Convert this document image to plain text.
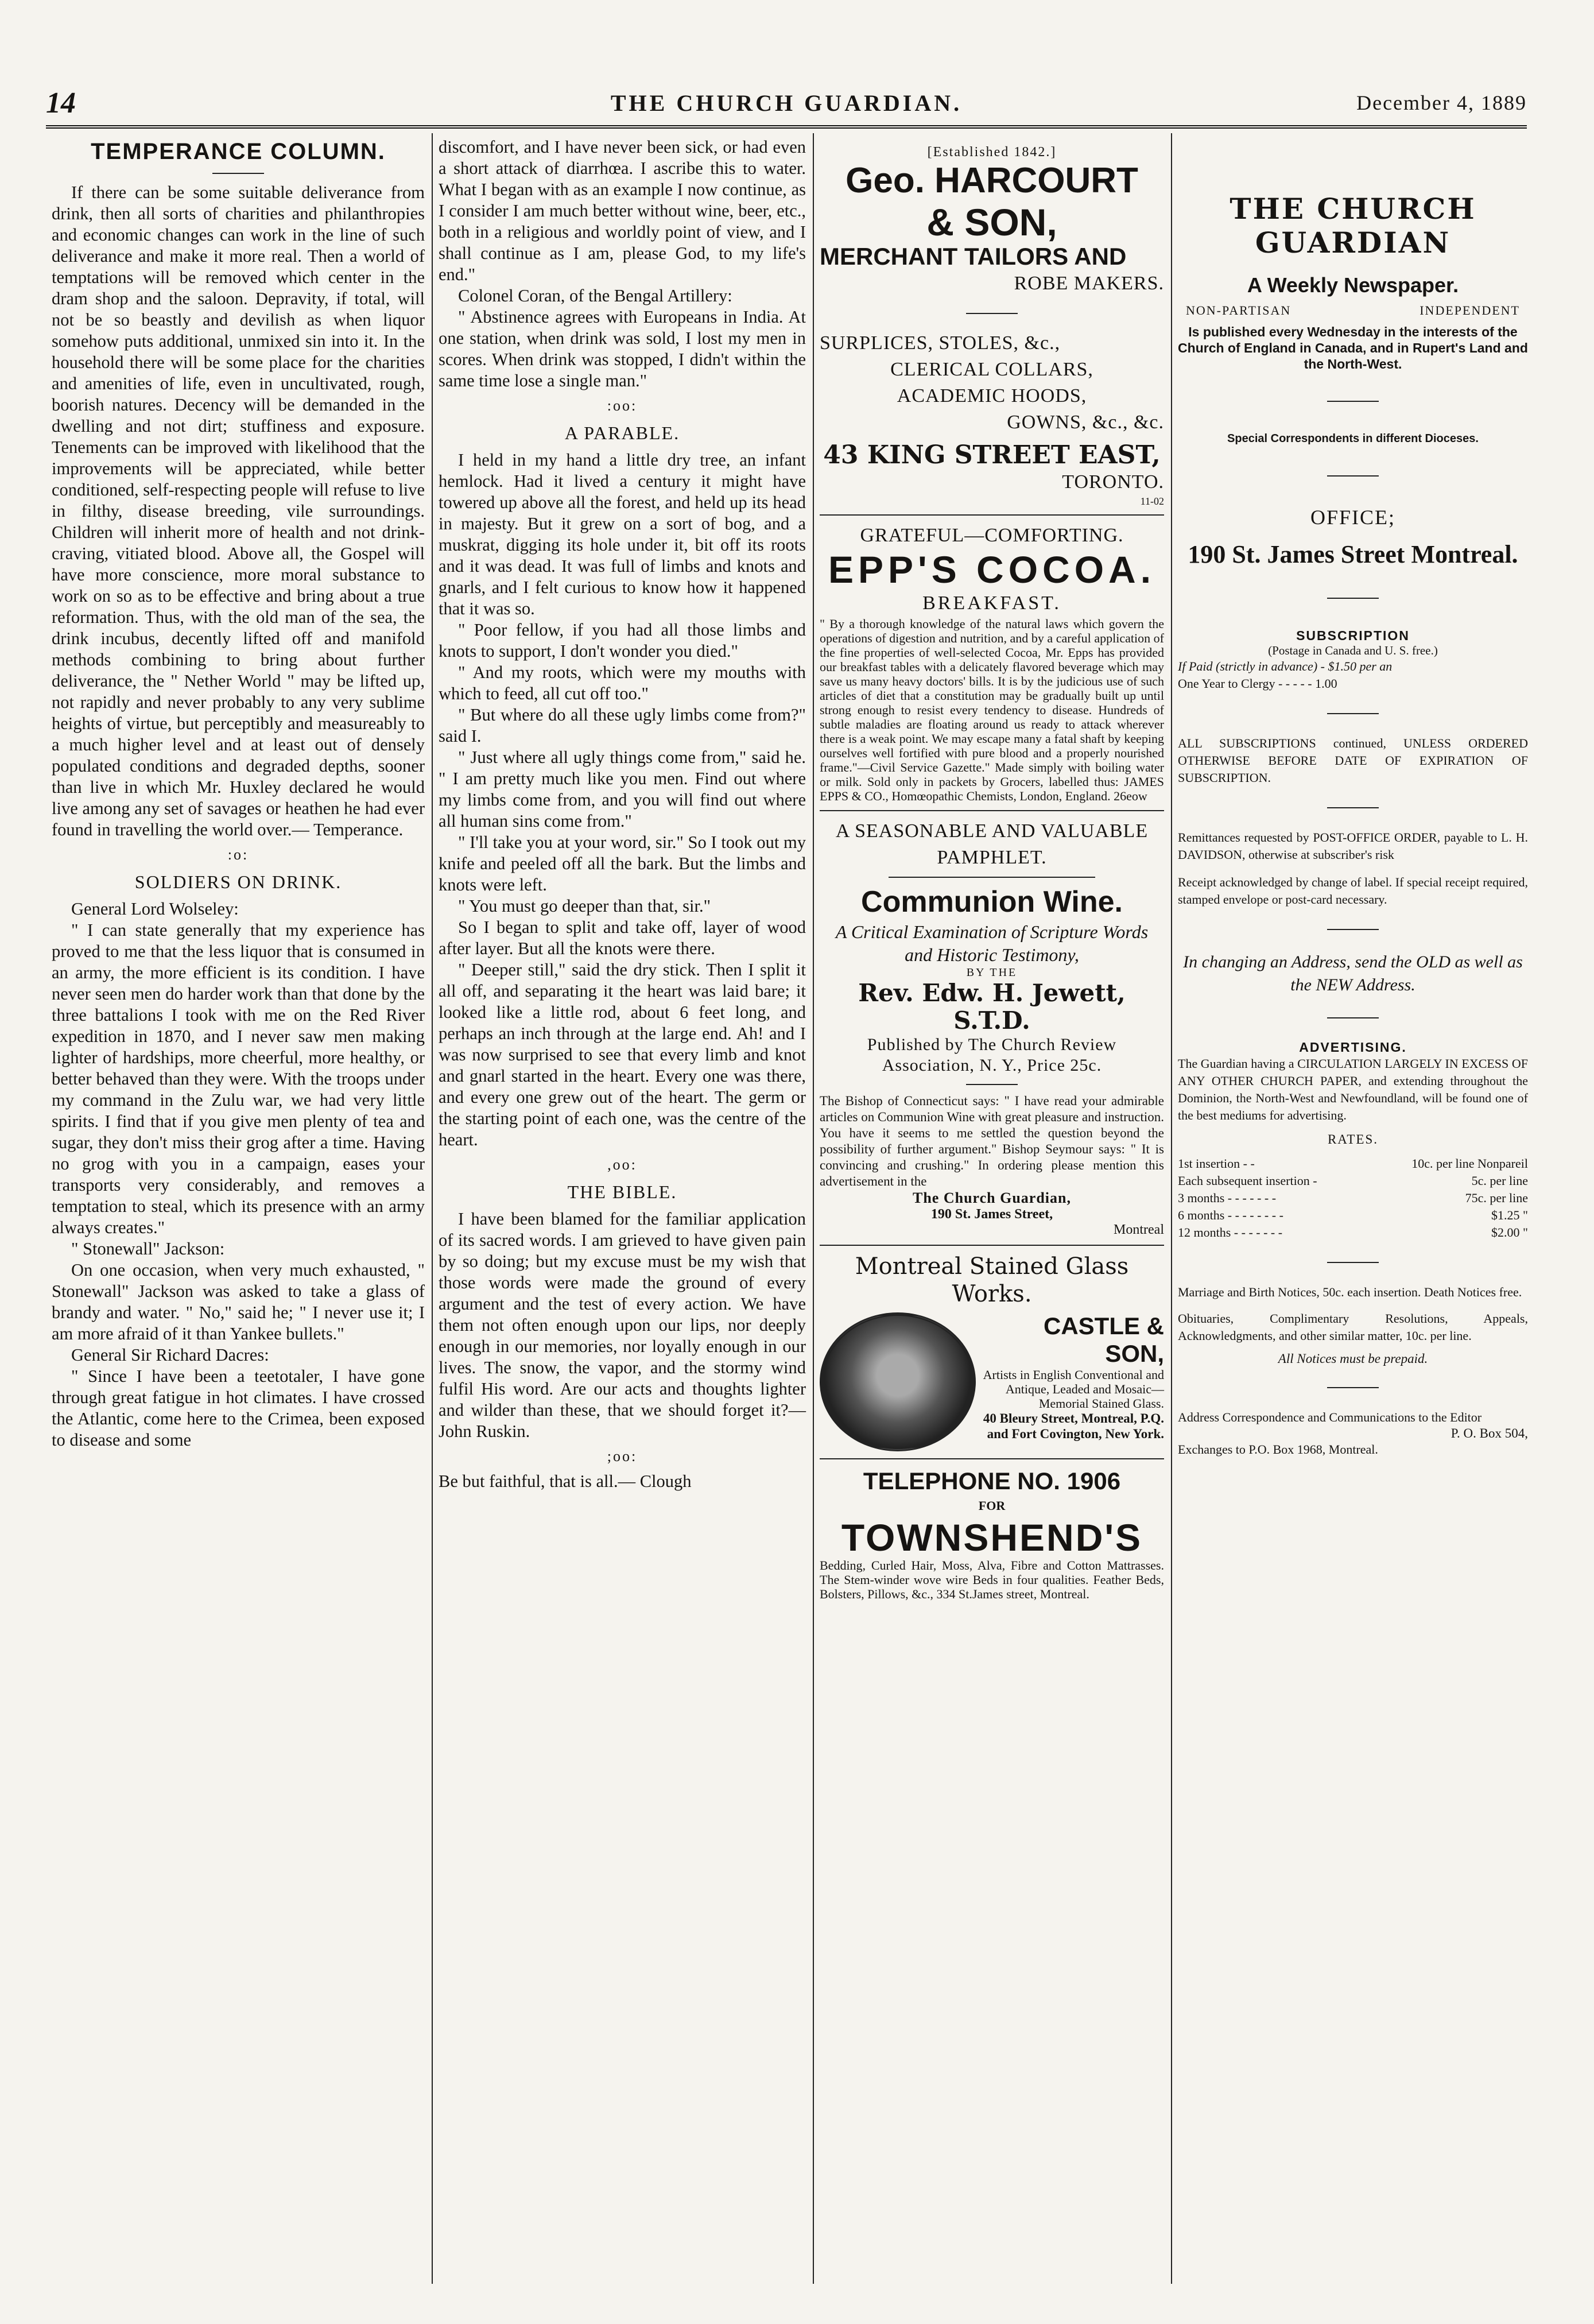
14	THE CHURCH GUARDIAN.	December 4, 1889
TEMPERANCE COLUMN.

If there can be some suitable deliverance from drink, then all sorts of charities and philanthropies and economic changes can work in the line of such deliverance and make it more real. Then a world of temptations will be removed which center in the dram shop and the saloon. Depravity, if total, will not be so beastly and devilish as when liquor somehow puts additional, unmixed sin into it. In the household there will be some place for the charities and amenities of life, even in uncultivated, rough, boorish natures. Decency will be demanded in the dwelling and not dirt; stuffiness and exposure. Tenements can be improved with likelihood that the improvements will be appreciated, while better conditioned, self-respecting people will refuse to live in filthy, disease breeding, vile surroundings. Children will inherit more of health and not drink-craving, vitiated blood. Above all, the Gospel will have more conscience, more moral substance to work on so as to be effective and bring about a true reformation. Thus, with the old man of the sea, the drink incubus, decently lifted off and manifold methods combining to bring about further deliverance, the " Nether World " may be lifted up, not rapidly and never probably to any very sublime heights of virtue, but perceptibly and measureably to a much higher level and at least out of densely populated conditions and degraded depths, sooner than live in which Mr. Huxley declared he would live among any set of savages or heathen he had ever found in travelling the world over.— Temperance.

:o:
SOLDIERS ON DRINK.

General Lord Wolseley:

" I can state generally that my experience has proved to me that the less liquor that is consumed in an army, the more efficient is its condition. I have never seen men do harder work than that done by the three battalions I took with me on the Red River expedition in 1870, and I never saw men making lighter of hardships, more cheerful, more healthy, or better behaved than they were. With the troops under my command in the Zulu war, we had very little spirits. I find that if you give men plenty of tea and sugar, they don't miss their grog after a time. Having no grog with you in a campaign, eases your transports very considerably, and removes a temptation to steal, which its presence with an army always creates."

" Stonewall" Jackson:

On one occasion, when very much exhausted, " Stonewall" Jackson was asked to take a glass of brandy and water. " No," said he; " I never use it; I am more afraid of it than Yankee bullets."

General Sir Richard Dacres:

" Since I have been a teetotaler, I have gone through great fatigue in hot climates. I have crossed the Atlantic, come here to the Crimea, been exposed to disease and some

discomfort, and I have never been sick, or had even a short attack of diarrhœa. I ascribe this to water. What I began with as an example I now continue, as I consider I am much better without wine, beer, etc., both in a religious and worldly point of view, and I shall continue as I am, please God, to my life's end."

Colonel Coran, of the Bengal Artillery:

" Abstinence agrees with Europeans in India. At one station, when drink was sold, I lost my men in scores. When drink was stopped, I didn't within the same time lose a single man."

:oo:
A PARABLE.

I held in my hand a little dry tree, an infant hemlock. Had it lived a century it might have towered up above all the forest, and held up its head in majesty. But it grew on a sort of bog, and a muskrat, digging its hole under it, bit off its roots and it was dead. It was full of limbs and knots and gnarls, and I felt curious to know how it happened that it was so.

" Poor fellow, if you had all those limbs and knots to support, I don't wonder you died."

" And my roots, which were my mouths with which to feed, all cut off too."

" But where do all these ugly limbs come from?" said I.

" Just where all ugly things come from," said he. " I am pretty much like you men. Find out where my limbs come from, and you will find out where all human sins come from."

" I'll take you at your word, sir." So I took out my knife and peeled off all the bark. But the limbs and knots were left.

" You must go deeper than that, sir."

So I began to split and take off, layer of wood after layer. But all the knots were there.

" Deeper still," said the dry stick. Then I split it all off, and separating it the heart was laid bare; it looked like a little rod, about 6 feet long, and perhaps an inch through at the large end. Ah! and I was now surprised to see that every limb and knot and gnarl started in the heart. Every one was there, and every one grew out of the heart. The germ or the starting point of each one, was the centre of the heart.

,oo:
THE BIBLE.

I have been blamed for the familiar application of its sacred words. I am grieved to have given pain by so doing; but my excuse must be my wish that those words were made the ground of every argument and the test of every action. We have them not often enough upon our lips, nor deeply enough in our memories, nor loyally enough in our lives. The snow, the vapor, and the stormy wind fulfil His word. Are our acts and thoughts lighter and wilder than these, that we should forget it?—John Ruskin.

;oo:

Be but faithful, that is all.— Clough

[Established 1842.]
Geo. HARCOURT
& SON,
MERCHANT TAILORS AND
ROBE MAKERS.
SURPLICES, STOLES, &c.,
CLERICAL COLLARS,
ACADEMIC HOODS,
GOWNS, &c., &c.
43 KING STREET EAST,
TORONTO.
11-02
GRATEFUL—COMFORTING.
EPP'S COCOA.
BREAKFAST.
" By a thorough knowledge of the natural laws which govern the operations of digestion and nutrition, and by a careful application of the fine properties of well-selected Cocoa, Mr. Epps has provided our breakfast tables with a delicately flavored beverage which may save us many heavy doctors' bills. It is by the judicious use of such articles of diet that a constitution may be gradually built up until strong enough to resist every tendency to disease. Hundreds of subtle maladies are floating around us ready to attack wherever there is a weak point. We may escape many a fatal shaft by keeping ourselves well fortified with pure blood and a properly nourished frame."—Civil Service Gazette." Made simply with boiling water or milk. Sold only in packets by Grocers, labelled thus: JAMES EPPS & CO., Homœopathic Chemists, London, England. 26eow
A SEASONABLE AND VALUABLE PAMPHLET.
Communion Wine.
A Critical Examination of Scripture Words and Historic Testimony,
BY THE
Rev. Edw. H. Jewett, S.T.D.
Published by The Church Review Association, N. Y., Price 25c.
The Bishop of Connecticut says: " I have read your admirable articles on Communion Wine with great pleasure and instruction. You have it seems to me settled the question beyond the possibility of further argument." Bishop Seymour says: " It is convincing and crushing." In ordering please mention this advertisement in the
The Church Guardian,
190 St. James Street,
Montreal
Montreal Stained Glass Works.
CASTLE & SON,
Artists in English Conventional and Antique, Leaded and Mosaic— Memorial Stained Glass.
40 Bleury Street, Montreal, P.Q.
and Fort Covington, New York.
TELEPHONE NO. 1906
FOR
TOWNSHEND'S
Bedding, Curled Hair, Moss, Alva, Fibre and Cotton Mattrasses. The Stem-winder wove wire Beds in four qualities. Feather Beds, Bolsters, Pillows, &c., 334 St.James street, Montreal.
THE CHURCH GUARDIAN
A Weekly Newspaper.
NON-PARTISAN	INDEPENDENT
Is published every Wednesday in the interests of the Church of England in Canada, and in Rupert's Land and the North-West.
Special Correspondents in different Dioceses.
OFFICE;
190 St. James Street Montreal.
SUBSCRIPTION
(Postage in Canada and U. S. free.)

If Paid (strictly in advance) - $1.50 per an

One Year to Clergy - - - - - 1.00

ALL SUBSCRIPTIONS continued, UNLESS ORDERED OTHERWISE BEFORE DATE OF EXPIRATION OF SUBSCRIPTION.

Remittances requested by POST-OFFICE ORDER, payable to L. H. DAVIDSON, otherwise at subscriber's risk

Receipt acknowledged by change of label. If special receipt required, stamped envelope or post-card necessary.

In changing an Address, send the OLD as well as the NEW Address.

ADVERTISING.

The Guardian having a CIRCULATION LARGELY IN EXCESS OF ANY OTHER CHURCH PAPER, and extending throughout the Dominion, the North-West and Newfoundland, will be found one of the best mediums for advertising.

RATES.
1st insertion - -	10c. per line Nonpareil
Each subsequent insertion -	5c. per line
3 months - - - - - - -	75c. per line
6 months - - - - - - - -	$1.25 "
12 months - - - - - - -	$2.00 "

Marriage and Birth Notices, 50c. each insertion. Death Notices free.

Obituaries, Complimentary Resolutions, Appeals, Acknowledgments, and other similar matter, 10c. per line.

All Notices must be prepaid.

Address Correspondence and Communications to the Editor

P. O. Box 504,

Exchanges to P.O. Box 1968, Montreal.
